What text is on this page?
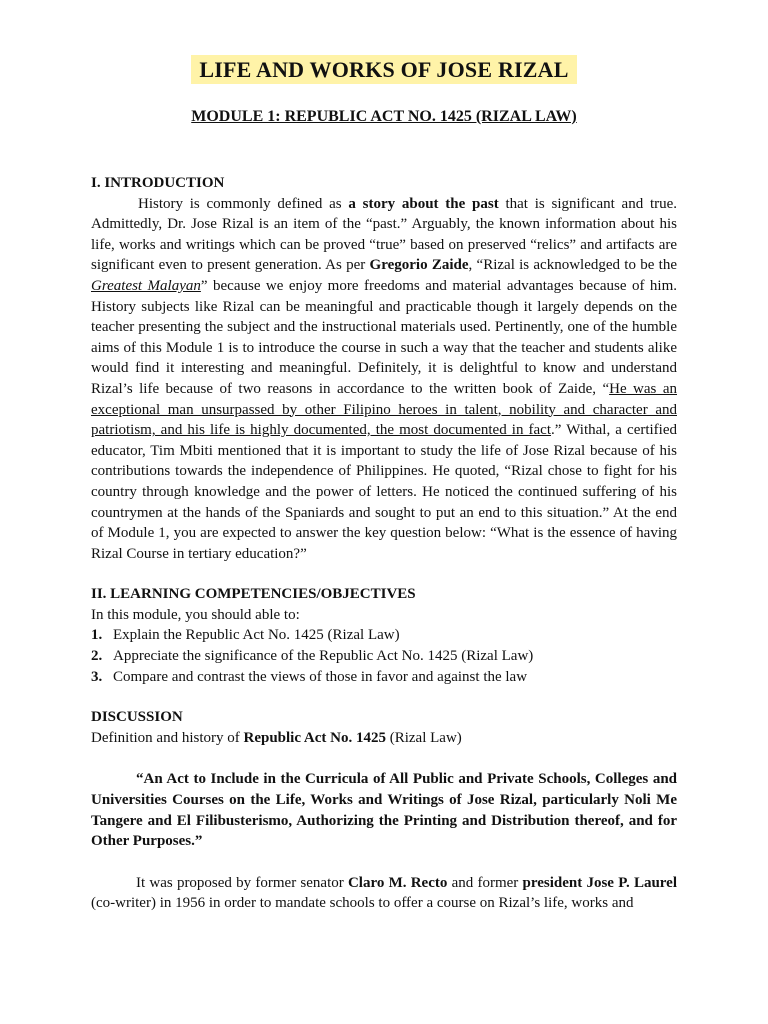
LIFE AND WORKS OF JOSE RIZAL
MODULE 1: REPUBLIC ACT NO. 1425 (RIZAL LAW)

I. INTRODUCTION

History is commonly defined as a story about the past that is significant and true. Admittedly, Dr. Jose Rizal is an item of the “past.” Arguably, the known information about his life, works and writings which can be proved “true” based on preserved “relics” and artifacts are significant even to present generation. As per Gregorio Zaide, “Rizal is acknowledged to be the Greatest Malayan” because we enjoy more freedoms and material advantages because of him. History subjects like Rizal can be meaningful and practicable though it largely depends on the teacher presenting the subject and the instructional materials used. Pertinently, one of the humble aims of this Module 1 is to introduce the course in such a way that the teacher and students alike would find it interesting and meaningful. Definitely, it is delightful to know and understand Rizal’s life because of two reasons in accordance to the written book of Zaide, “He was an exceptional man unsurpassed by other Filipino heroes in talent, nobility and character and patriotism, and his life is highly documented, the most documented in fact.” Withal, a certified educator, Tim Mbiti mentioned that it is important to study the life of Jose Rizal because of his contributions towards the independence of Philippines. He quoted, “Rizal chose to fight for his country through knowledge and the power of letters. He noticed the continued suffering of his countrymen at the hands of the Spaniards and sought to put an end to this situation.” At the end of Module 1, you are expected to answer the key question below: “What is the essence of having Rizal Course in tertiary education?”

II. LEARNING COMPETENCIES/OBJECTIVES

In this module, you should able to:

1. Explain the Republic Act No. 1425 (Rizal Law)
2. Appreciate the significance of the Republic Act No. 1425 (Rizal Law)
3. Compare and contrast the views of those in favor and against the law

DISCUSSION

Definition and history of Republic Act No. 1425 (Rizal Law)

“An Act to Include in the Curricula of All Public and Private Schools, Colleges and Universities Courses on the Life, Works and Writings of Jose Rizal, particularly Noli Me Tangere and El Filibusterismo, Authorizing the Printing and Distribution thereof, and for Other Purposes.”

It was proposed by former senator Claro M. Recto and former president Jose P. Laurel (co-writer) in 1956 in order to mandate schools to offer a course on Rizal’s life, works and
